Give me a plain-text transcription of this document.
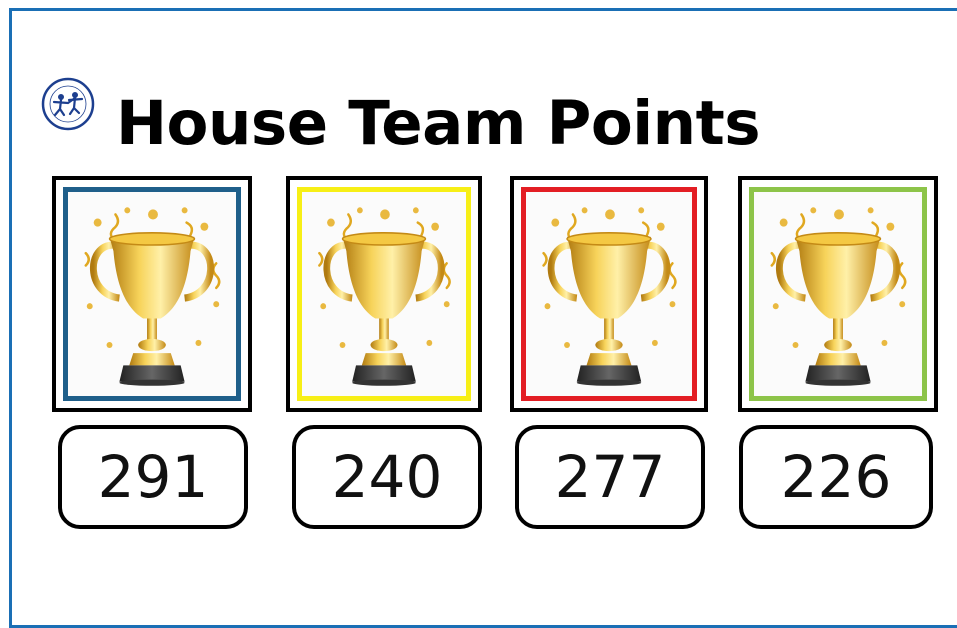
House Team Points
291 240 277 226
